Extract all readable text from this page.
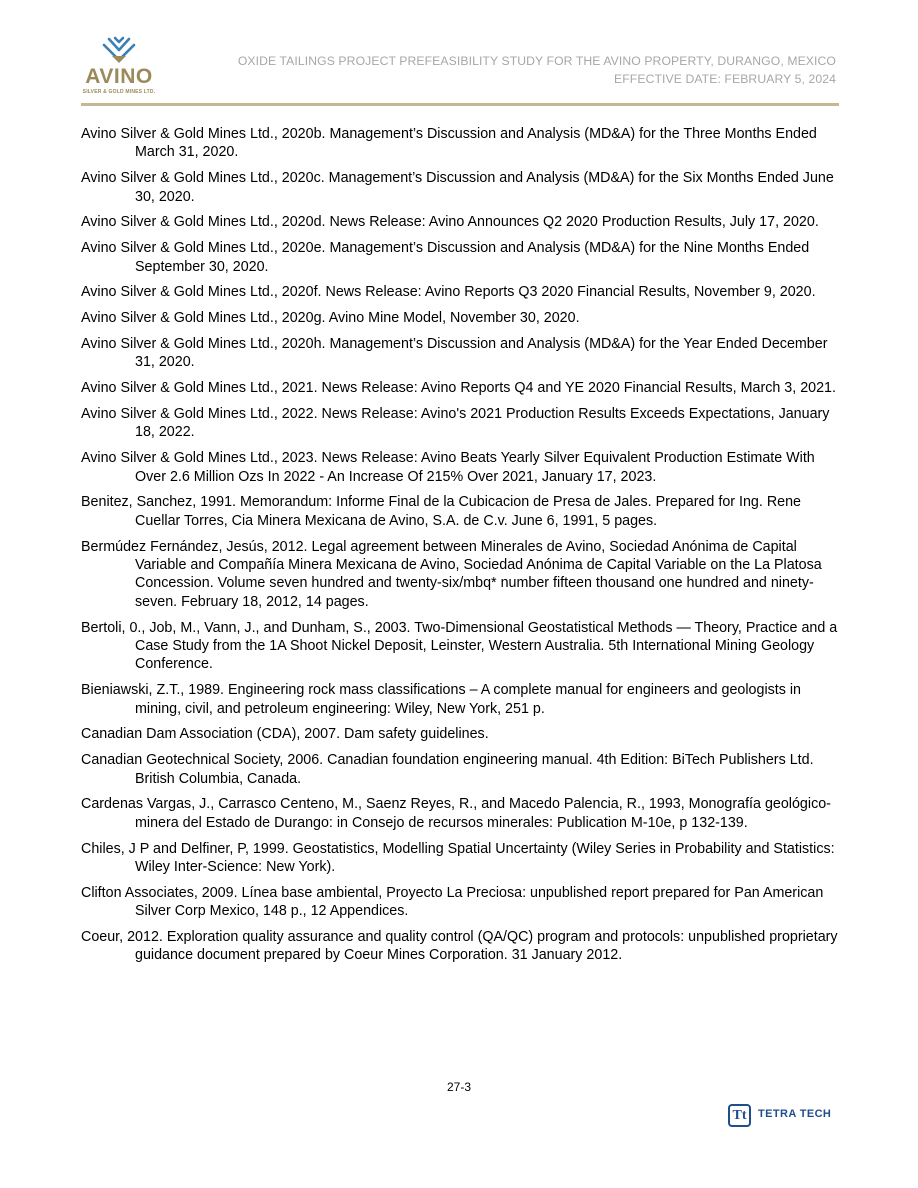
AVINO
SILVER & GOLD MINES LTD.
OXIDE TAILINGS PROJECT PREFEASIBILITY STUDY FOR THE AVINO PROPERTY, DURANGO, MEXICO
EFFECTIVE DATE: FEBRUARY 5, 2024
Avino Silver & Gold Mines Ltd., 2020b. Management’s Discussion and Analysis (MD&A) for the Three Months Ended March 31, 2020.
Avino Silver & Gold Mines Ltd., 2020c. Management’s Discussion and Analysis (MD&A) for the Six Months Ended June 30, 2020.
Avino Silver & Gold Mines Ltd., 2020d. News Release: Avino Announces Q2 2020 Production Results, July 17, 2020.
Avino Silver & Gold Mines Ltd., 2020e. Management’s Discussion and Analysis (MD&A) for the Nine Months Ended September 30, 2020.
Avino Silver & Gold Mines Ltd., 2020f. News Release: Avino Reports Q3 2020 Financial Results, November 9, 2020.
Avino Silver & Gold Mines Ltd., 2020g. Avino Mine Model, November 30, 2020.
Avino Silver & Gold Mines Ltd., 2020h. Management’s Discussion and Analysis (MD&A) for the Year Ended December 31, 2020.
Avino Silver & Gold Mines Ltd., 2021. News Release: Avino Reports Q4 and YE 2020 Financial Results, March 3, 2021.
Avino Silver & Gold Mines Ltd., 2022. News Release: Avino's 2021 Production Results Exceeds Expectations, January 18, 2022.
Avino Silver & Gold Mines Ltd., 2023. News Release: Avino Beats Yearly Silver Equivalent Production Estimate With Over 2.6 Million Ozs In 2022 - An Increase Of 215% Over 2021, January 17, 2023.
Benitez, Sanchez, 1991. Memorandum: Informe Final de la Cubicacion de Presa de Jales. Prepared for Ing. Rene Cuellar Torres, Cia Minera Mexicana de Avino, S.A. de C.v. June 6, 1991, 5 pages.
Bermúdez Fernández, Jesús, 2012. Legal agreement between Minerales de Avino, Sociedad Anónima de Capital Variable and Compañía Minera Mexicana de Avino, Sociedad Anónima de Capital Variable on the La Platosa Concession. Volume seven hundred and twenty-six/mbq* number fifteen thousand one hundred and ninety-seven. February 18, 2012, 14 pages.
Bertoli, 0., Job, M., Vann, J., and Dunham, S., 2003. Two-Dimensional Geostatistical Methods — Theory, Practice and a Case Study from the 1A Shoot Nickel Deposit, Leinster, Western Australia. 5th International Mining Geology Conference.
Bieniawski, Z.T., 1989. Engineering rock mass classifications – A complete manual for engineers and geologists in mining, civil, and petroleum engineering: Wiley, New York, 251 p.
Canadian Dam Association (CDA), 2007. Dam safety guidelines.
Canadian Geotechnical Society, 2006. Canadian foundation engineering manual. 4th Edition: BiTech Publishers Ltd. British Columbia, Canada.
Cardenas Vargas, J., Carrasco Centeno, M., Saenz Reyes, R., and Macedo Palencia, R., 1993, Monografía geológico-minera del Estado de Durango: in Consejo de recursos minerales: Publication M-10e, p 132-139.
Chiles, J P and Delfiner, P, 1999. Geostatistics, Modelling Spatial Uncertainty (Wiley Series in Probability and Statistics: Wiley Inter-Science: New York).
Clifton Associates, 2009. Línea base ambiental, Proyecto La Preciosa: unpublished report prepared for Pan American Silver Corp Mexico, 148 p., 12 Appendices.
Coeur, 2012. Exploration quality assurance and quality control (QA/QC) program and protocols: unpublished proprietary guidance document prepared by Coeur Mines Corporation. 31 January 2012.
27-3
Tt	TETRA TECH
